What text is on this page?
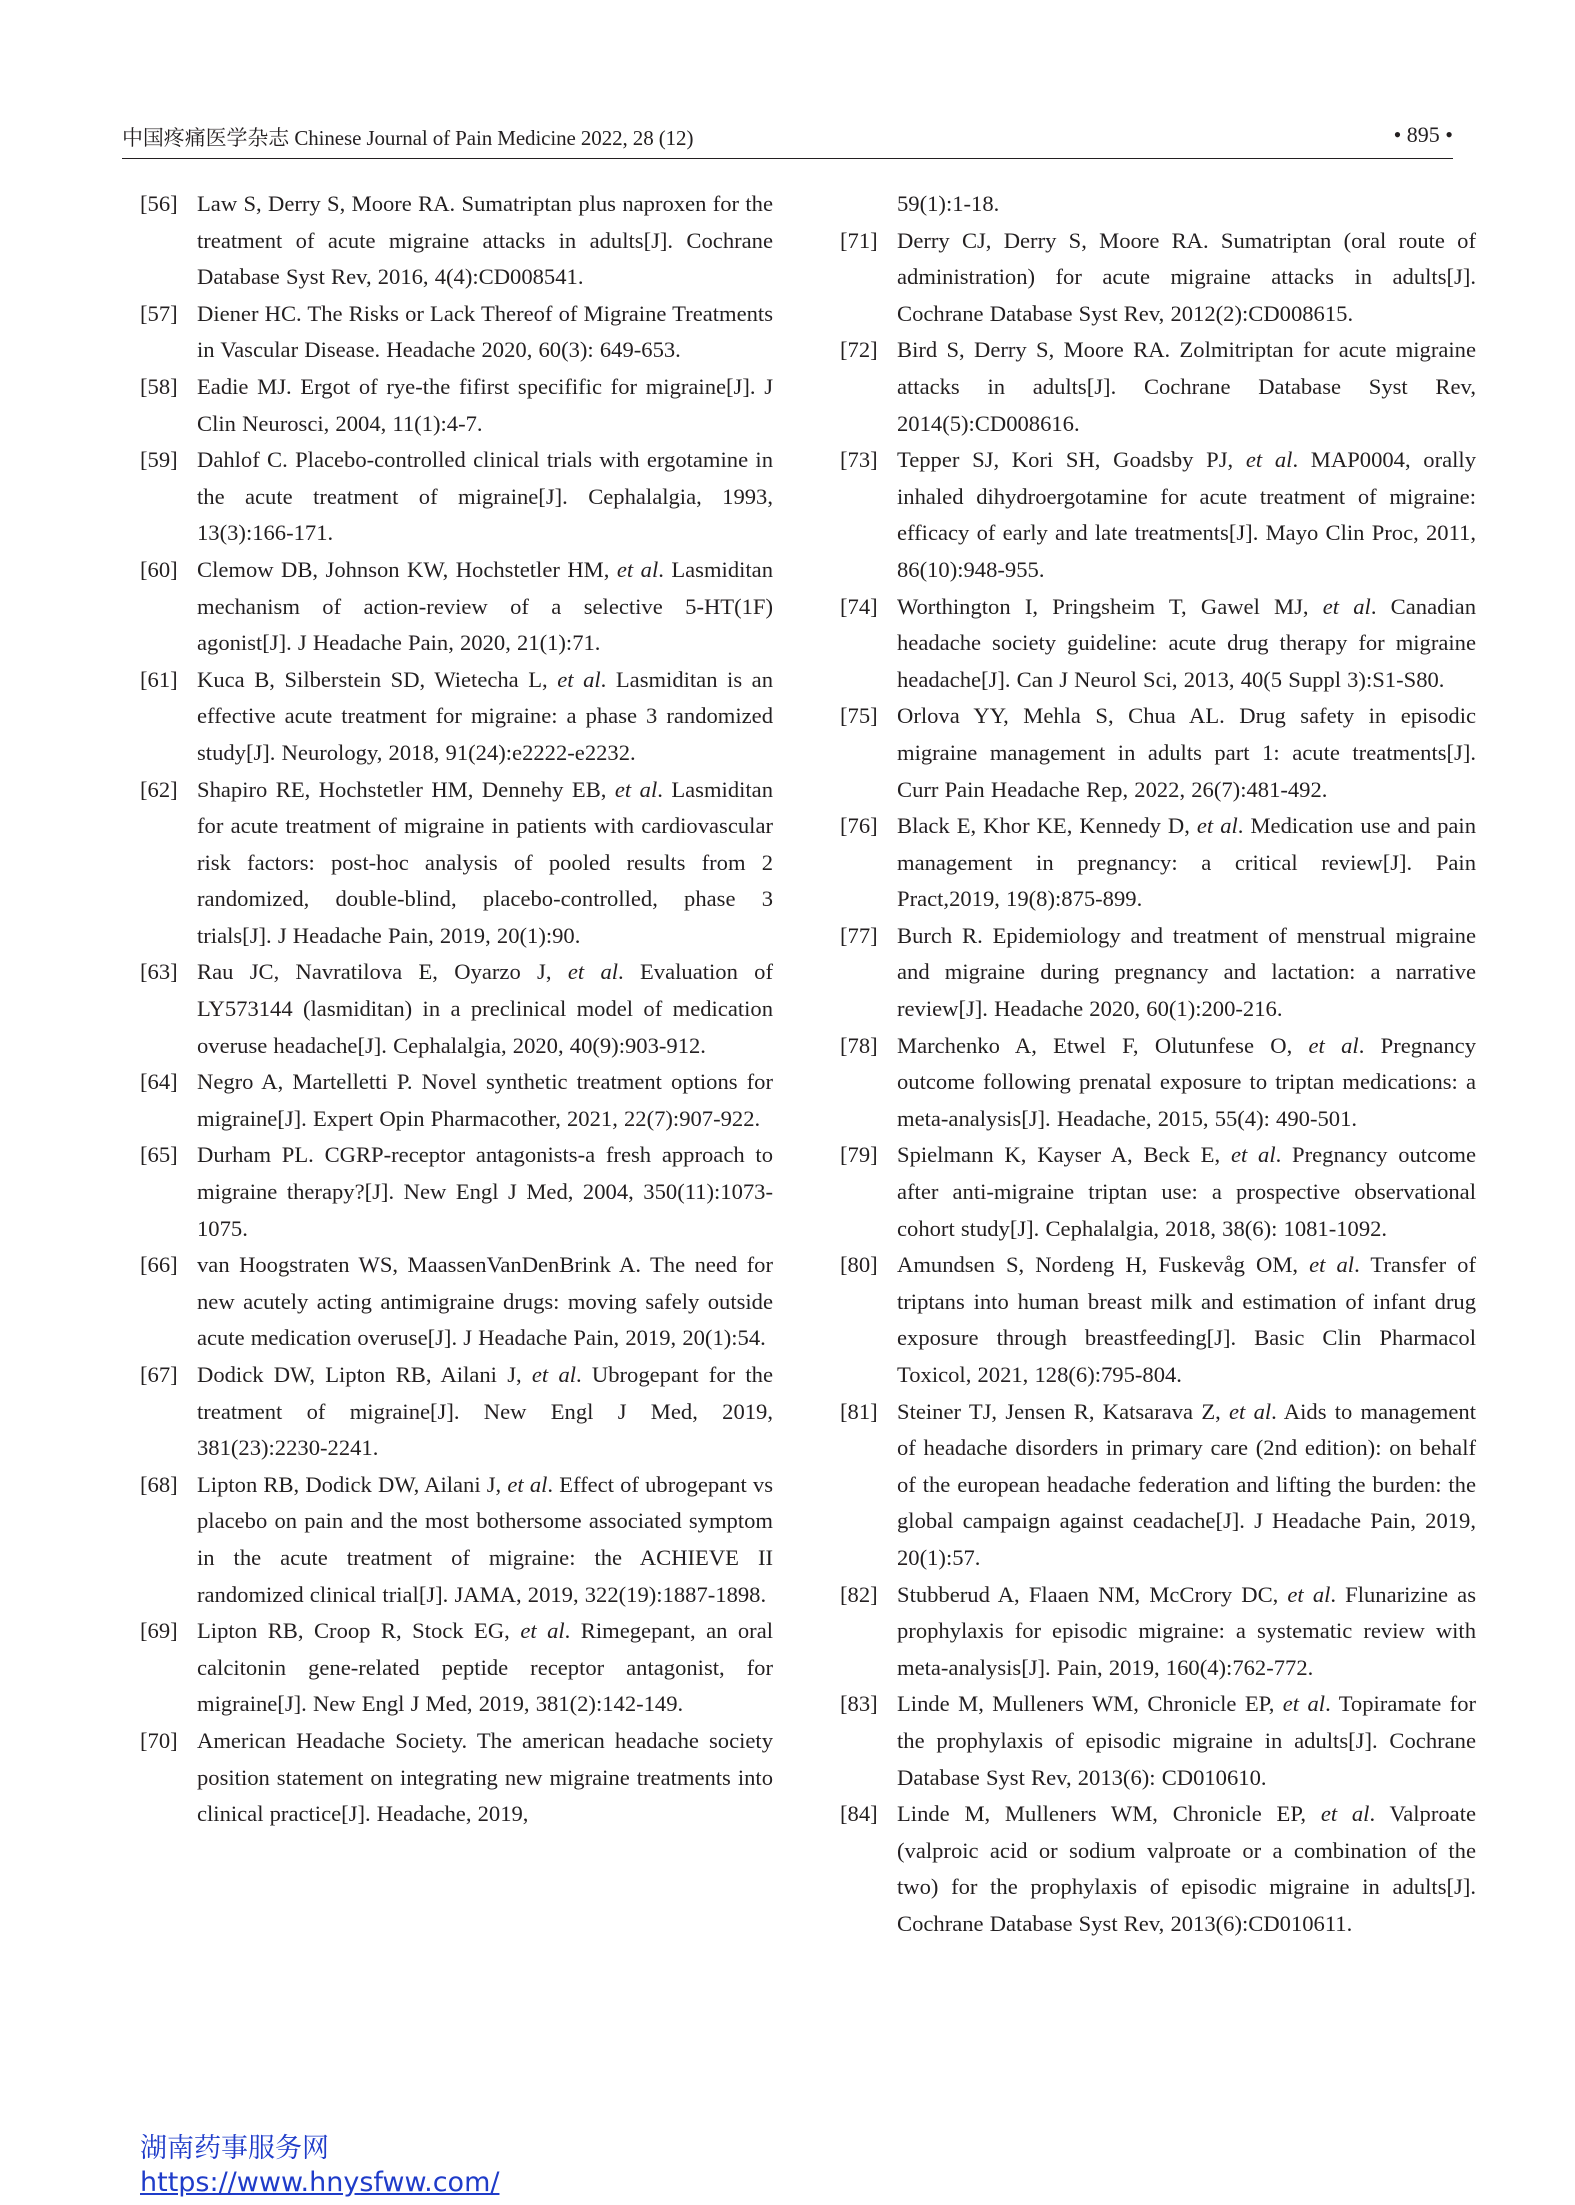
中国疼痛医学杂志 Chinese Journal of Pain Medicine 2022, 28 (12)	• 895 •
[56] Law S, Derry S, Moore RA. Sumatriptan plus naproxen for the treatment of acute migraine attacks in adults[J]. Cochrane Database Syst Rev, 2016, 4(4):CD008541.
[57] Diener HC. The Risks or Lack Thereof of Migraine Treatments in Vascular Disease. Headache 2020, 60(3): 649-653.
[58] Eadie MJ. Ergot of rye-the fifirst specifific for migraine[J]. J Clin Neurosci, 2004, 11(1):4-7.
[59] Dahlof C. Placebo-controlled clinical trials with ergotamine in the acute treatment of migraine[J]. Cephalalgia, 1993, 13(3):166-171.
[60] Clemow DB, Johnson KW, Hochstetler HM, et al. Lasmiditan mechanism of action-review of a selective 5-HT(1F) agonist[J]. J Headache Pain, 2020, 21(1):71.
[61] Kuca B, Silberstein SD, Wietecha L, et al. Lasmiditan is an effective acute treatment for migraine: a phase 3 randomized study[J]. Neurology, 2018, 91(24):e2222-e2232.
[62] Shapiro RE, Hochstetler HM, Dennehy EB, et al. Lasmiditan for acute treatment of migraine in patients with cardiovascular risk factors: post-hoc analysis of pooled results from 2 randomized, double-blind, placebo-controlled, phase 3 trials[J]. J Headache Pain, 2019, 20(1):90.
[63] Rau JC, Navratilova E, Oyarzo J, et al. Evaluation of LY573144 (lasmiditan) in a preclinical model of medication overuse headache[J]. Cephalalgia, 2020, 40(9):903-912.
[64] Negro A, Martelletti P. Novel synthetic treatment options for migraine[J]. Expert Opin Pharmacother, 2021, 22(7):907-922.
[65] Durham PL. CGRP-receptor antagonists-a fresh approach to migraine therapy?[J]. New Engl J Med, 2004, 350(11):1073-1075.
[66] van Hoogstraten WS, MaassenVanDenBrink A. The need for new acutely acting antimigraine drugs: moving safely outside acute medication overuse[J]. J Headache Pain, 2019, 20(1):54.
[67] Dodick DW, Lipton RB, Ailani J, et al. Ubrogepant for the treatment of migraine[J]. New Engl J Med, 2019, 381(23):2230-2241.
[68] Lipton RB, Dodick DW, Ailani J, et al. Effect of ubrogepant vs placebo on pain and the most bothersome associated symptom in the acute treatment of migraine: the ACHIEVE II randomized clinical trial[J]. JAMA, 2019, 322(19):1887-1898.
[69] Lipton RB, Croop R, Stock EG, et al. Rimegepant, an oral calcitonin gene-related peptide receptor antagonist, for migraine[J]. New Engl J Med, 2019, 381(2):142-149.
[70] American Headache Society. The american headache society position statement on integrating new migraine treatments into clinical practice[J]. Headache, 2019,
59(1):1-18.
[71] Derry CJ, Derry S, Moore RA. Sumatriptan (oral route of administration) for acute migraine attacks in adults[J]. Cochrane Database Syst Rev, 2012(2):CD008615.
[72] Bird S, Derry S, Moore RA. Zolmitriptan for acute migraine attacks in adults[J]. Cochrane Database Syst Rev, 2014(5):CD008616.
[73] Tepper SJ, Kori SH, Goadsby PJ, et al. MAP0004, orally inhaled dihydroergotamine for acute treatment of migraine: efficacy of early and late treatments[J]. Mayo Clin Proc, 2011, 86(10):948-955.
[74] Worthington I, Pringsheim T, Gawel MJ, et al. Canadian headache society guideline: acute drug therapy for migraine headache[J]. Can J Neurol Sci, 2013, 40(5 Suppl 3):S1-S80.
[75] Orlova YY, Mehla S, Chua AL. Drug safety in episodic migraine management in adults part 1: acute treatments[J]. Curr Pain Headache Rep, 2022, 26(7):481-492.
[76] Black E, Khor KE, Kennedy D, et al. Medication use and pain management in pregnancy: a critical review[J]. Pain Pract,2019, 19(8):875-899.
[77] Burch R. Epidemiology and treatment of menstrual migraine and migraine during pregnancy and lactation: a narrative review[J]. Headache 2020, 60(1):200-216.
[78] Marchenko A, Etwel F, Olutunfese O, et al. Pregnancy outcome following prenatal exposure to triptan medications: a meta-analysis[J]. Headache, 2015, 55(4): 490-501.
[79] Spielmann K, Kayser A, Beck E, et al. Pregnancy outcome after anti-migraine triptan use: a prospective observational cohort study[J]. Cephalalgia, 2018, 38(6): 1081-1092.
[80] Amundsen S, Nordeng H, Fuskevåg OM, et al. Transfer of triptans into human breast milk and estimation of infant drug exposure through breastfeeding[J]. Basic Clin Pharmacol Toxicol, 2021, 128(6):795-804.
[81] Steiner TJ, Jensen R, Katsarava Z, et al. Aids to management of headache disorders in primary care (2nd edition): on behalf of the european headache federation and lifting the burden: the global campaign against ceadache[J]. J Headache Pain, 2019, 20(1):57.
[82] Stubberud A, Flaaen NM, McCrory DC, et al. Flunarizine as prophylaxis for episodic migraine: a systematic review with meta-analysis[J]. Pain, 2019, 160(4):762-772.
[83] Linde M, Mulleners WM, Chronicle EP, et al. Topiramate for the prophylaxis of episodic migraine in adults[J]. Cochrane Database Syst Rev, 2013(6): CD010610.
[84] Linde M, Mulleners WM, Chronicle EP, et al. Valproate (valproic acid or sodium valproate or a combination of the two) for the prophylaxis of episodic migraine in adults[J]. Cochrane Database Syst Rev, 2013(6):CD010611.
湖南药事服务网
https://www.hnysfww.com/
